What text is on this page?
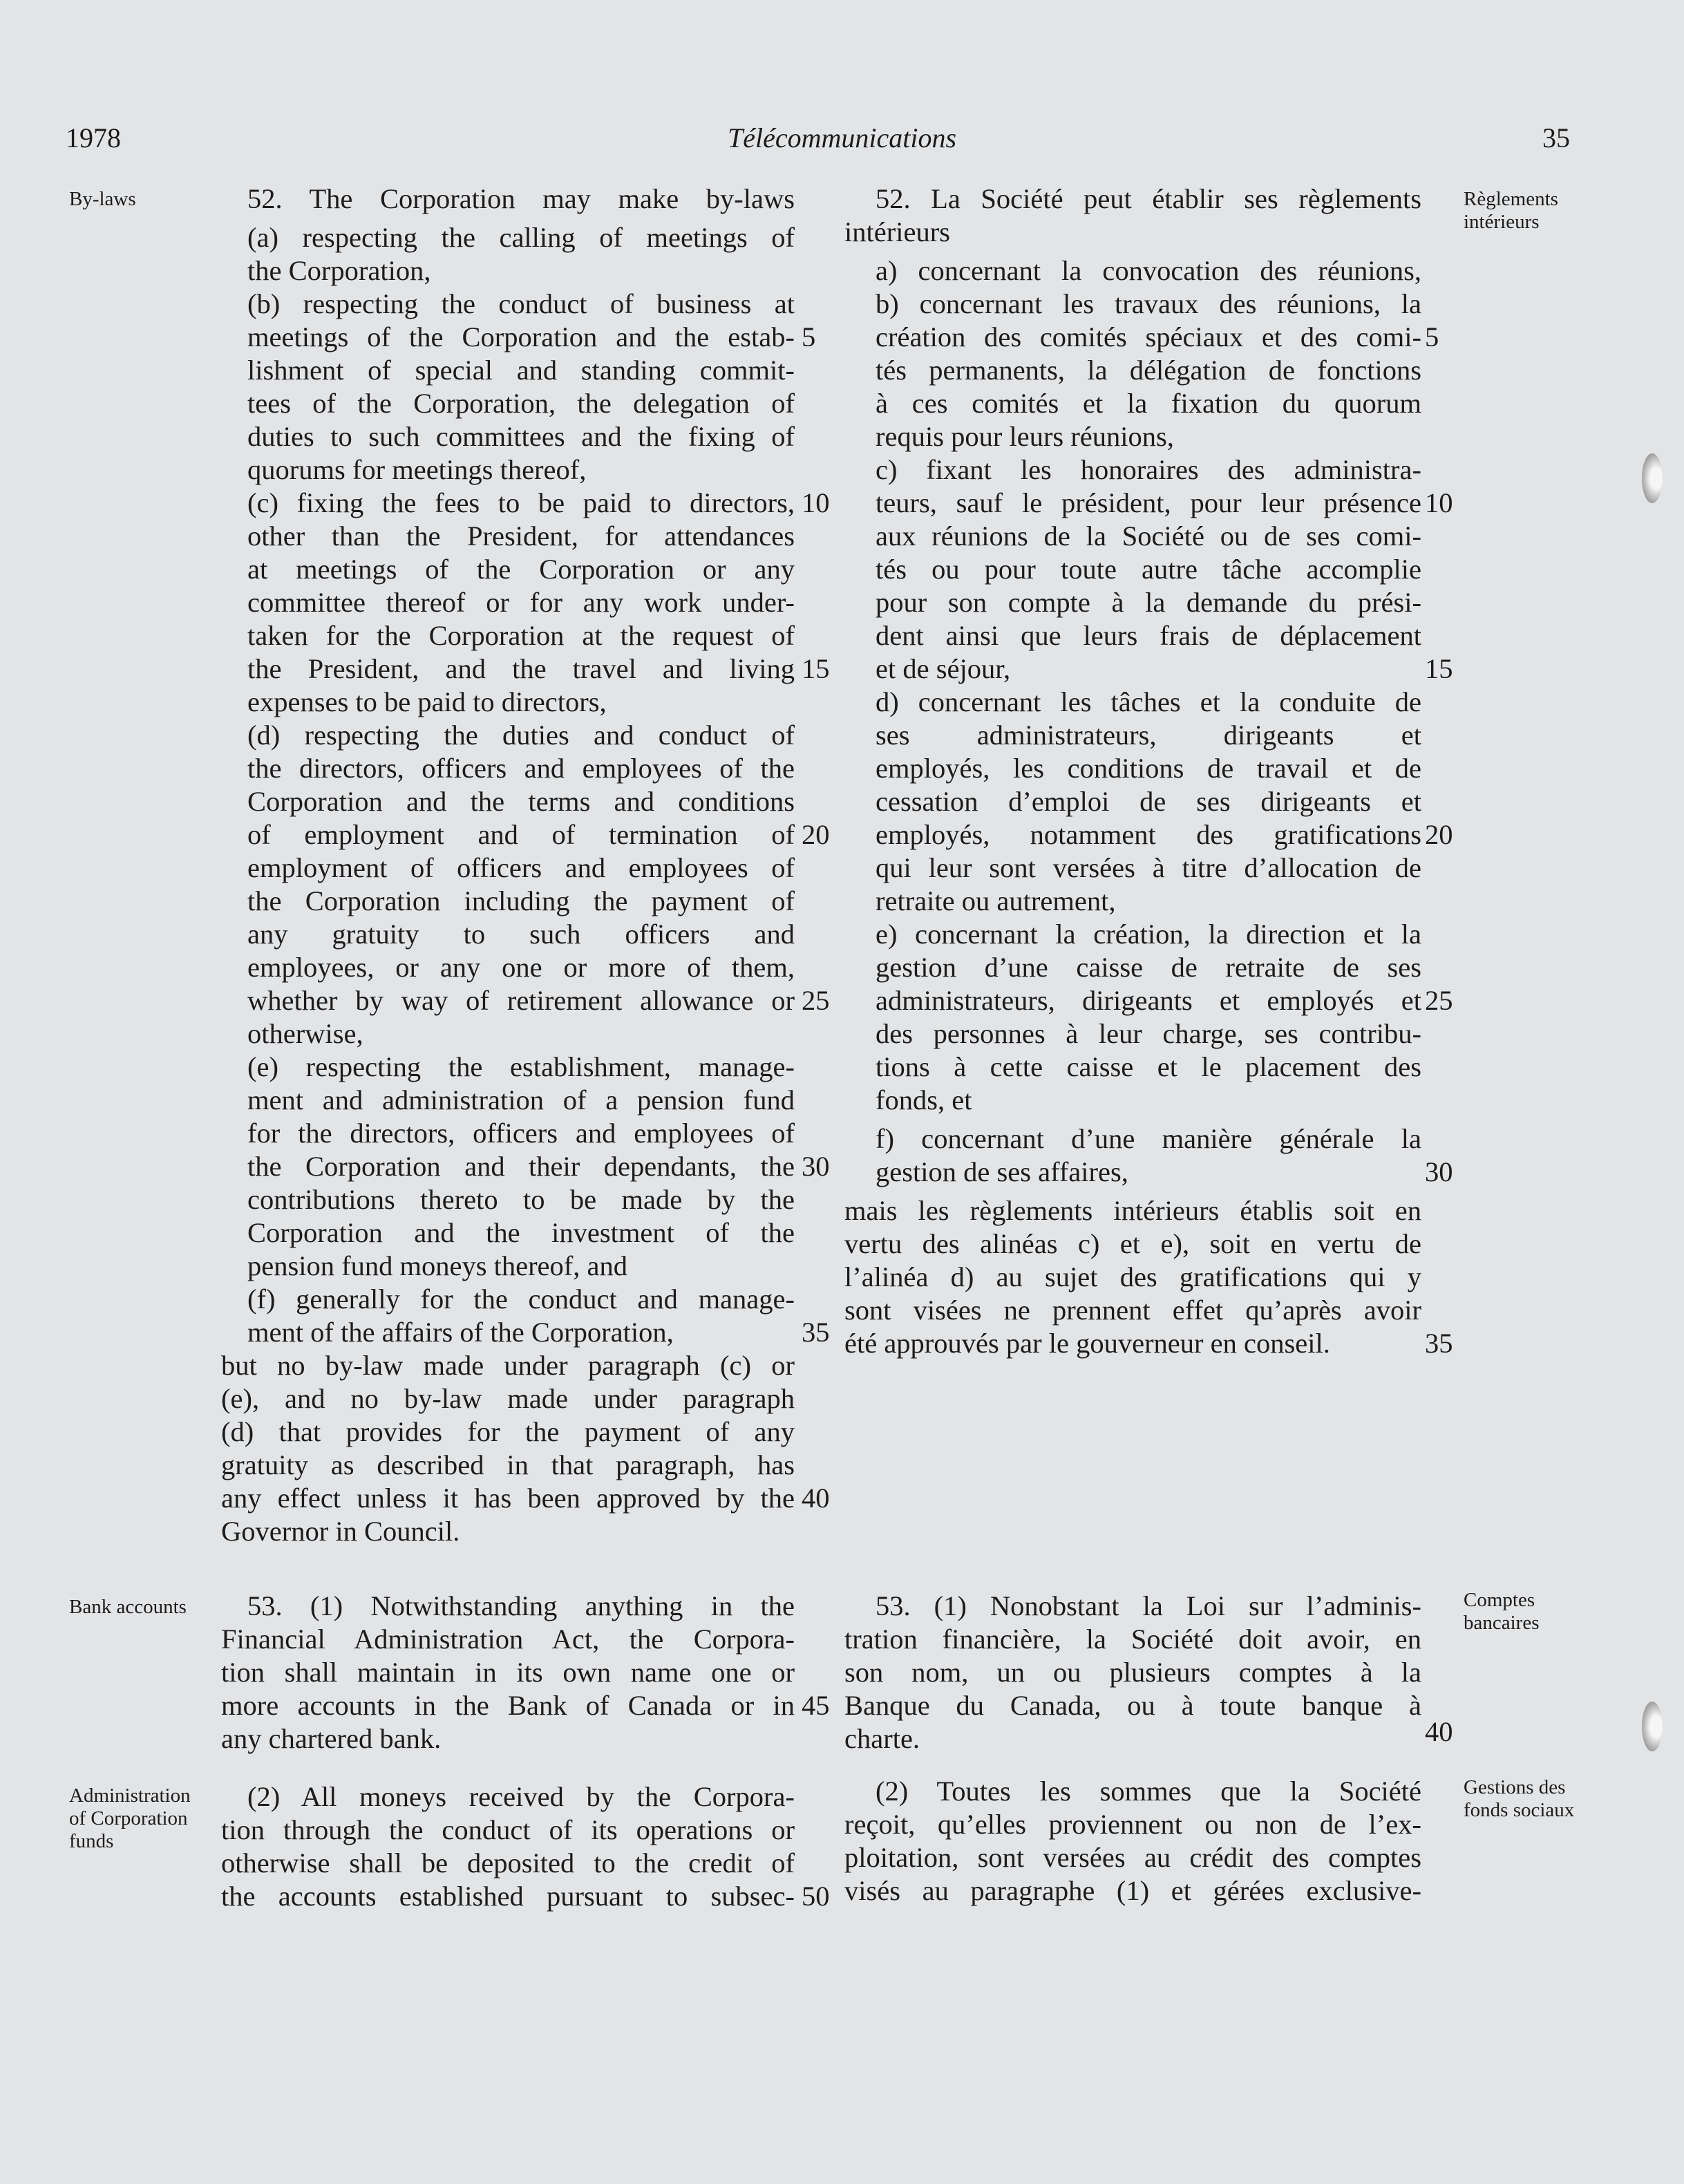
1978	Télécommunications	35
By-laws	Règlements
intérieurs
Bank accounts	Comptes
bancaires
Administration
of Corporation
funds
Gestions des
fonds sociaux
52. The Corporation may make by-laws
(a) respecting the calling of meetings of
the Corporation,
(b) respecting the conduct of business at
meetings of the Corporation and the estab-
lishment of special and standing commit-
tees of the Corporation, the delegation of
duties to such committees and the fixing of
quorums for meetings thereof,
(c) fixing the fees to be paid to directors,
other than the President, for attendances
at meetings of the Corporation or any
committee thereof or for any work under-
taken for the Corporation at the request of
the President, and the travel and living
expenses to be paid to directors,
(d) respecting the duties and conduct of
the directors, officers and employees of the
Corporation and the terms and conditions
of employment and of termination of
employment of officers and employees of
the Corporation including the payment of
any gratuity to such officers and
employees, or any one or more of them,
whether by way of retirement allowance or
otherwise,
(e) respecting the establishment, manage-
ment and administration of a pension fund
for the directors, officers and employees of
the Corporation and their dependants, the
contributions thereto to be made by the
Corporation and the investment of the
pension fund moneys thereof, and
(f) generally for the conduct and manage-
ment of the affairs of the Corporation,
but no by-law made under paragraph (c) or
(e), and no by-law made under paragraph
(d) that provides for the payment of any
gratuity as described in that paragraph, has
any effect unless it has been approved by the
Governor in Council.
53. (1) Notwithstanding anything in the
Financial Administration Act, the Corpora-
tion shall maintain in its own name one or
more accounts in the Bank of Canada or in
any chartered bank.
(2) All moneys received by the Corpora-
tion through the conduct of its operations or
otherwise shall be deposited to the credit of
the accounts established pursuant to subsec-
5
10
15
20
25
30
35
40
45
50
52. La Société peut établir ses règlements
intérieurs
a) concernant la convocation des réunions,
b) concernant les travaux des réunions, la
création des comités spéciaux et des comi-
tés permanents, la délégation de fonctions
à ces comités et la fixation du quorum
requis pour leurs réunions,
c) fixant les honoraires des administra-
teurs, sauf le président, pour leur présence
aux réunions de la Société ou de ses comi-
tés ou pour toute autre tâche accomplie
pour son compte à la demande du prési-
dent ainsi que leurs frais de déplacement
et de séjour,
d) concernant les tâches et la conduite de
ses administrateurs, dirigeants et
employés, les conditions de travail et de
cessation d’emploi de ses dirigeants et
employés, notamment des gratifications
qui leur sont versées à titre d’allocation de
retraite ou autrement,
e) concernant la création, la direction et la
gestion d’une caisse de retraite de ses
administrateurs, dirigeants et employés et
des personnes à leur charge, ses contribu-
tions à cette caisse et le placement des
fonds, et
f) concernant d’une manière générale la
gestion de ses affaires,
mais les règlements intérieurs établis soit en
vertu des alinéas c) et e), soit en vertu de
l’alinéa d) au sujet des gratifications qui y
sont visées ne prennent effet qu’après avoir
été approuvés par le gouverneur en conseil.
53. (1) Nonobstant la Loi sur l’adminis-
tration financière, la Société doit avoir, en
son nom, un ou plusieurs comptes à la
Banque du Canada, ou à toute banque à
charte.
(2) Toutes les sommes que la Société
reçoit, qu’elles proviennent ou non de l’ex-
ploitation, sont versées au crédit des comptes
visés au paragraphe (1) et gérées exclusive-
5
10
15
20
25
30
35
40
